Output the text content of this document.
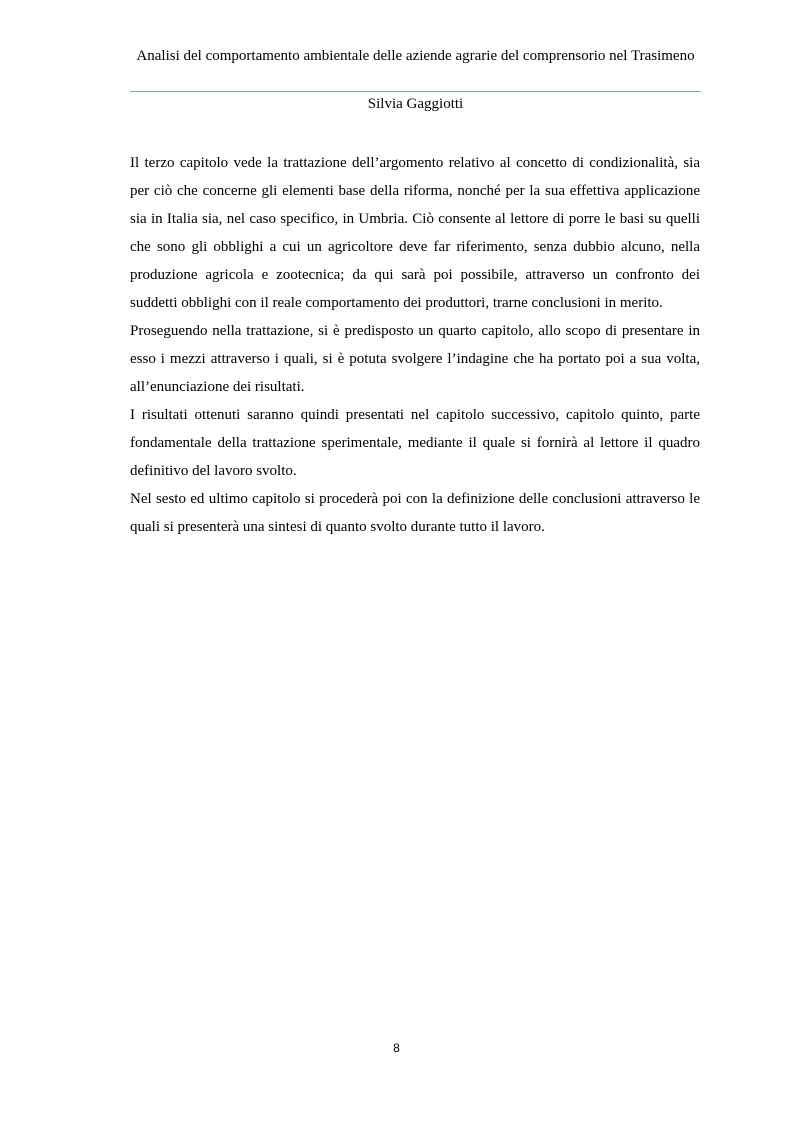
Analisi del comportamento ambientale delle aziende agrarie del comprensorio nel Trasimeno
Silvia Gaggiotti

Il terzo capitolo vede la trattazione dell’argomento relativo al concetto di condizionalità, sia per ciò che concerne gli elementi base della riforma, nonché per la sua effettiva applicazione sia in Italia sia, nel caso specifico, in Umbria. Ciò consente al lettore di porre le basi su quelli che sono gli obblighi a cui un agricoltore deve far riferimento, senza dubbio alcuno, nella produzione agricola e zootecnica; da qui sarà poi possibile, attraverso un confronto dei suddetti obblighi con il reale comportamento dei produttori, trarne conclusioni in merito.

Proseguendo nella trattazione, si è predisposto un quarto capitolo, allo scopo di presentare in esso i mezzi attraverso i quali, si è potuta svolgere l’indagine che ha portato poi a sua volta, all’enunciazione dei risultati.

I risultati ottenuti saranno quindi presentati nel capitolo successivo, capitolo quinto, parte fondamentale della trattazione sperimentale, mediante il quale si fornirà al lettore il quadro definitivo del lavoro svolto.

Nel sesto ed ultimo capitolo si procederà poi con la definizione delle conclusioni attraverso le quali si presenterà una sintesi di quanto svolto durante tutto il lavoro.

8
